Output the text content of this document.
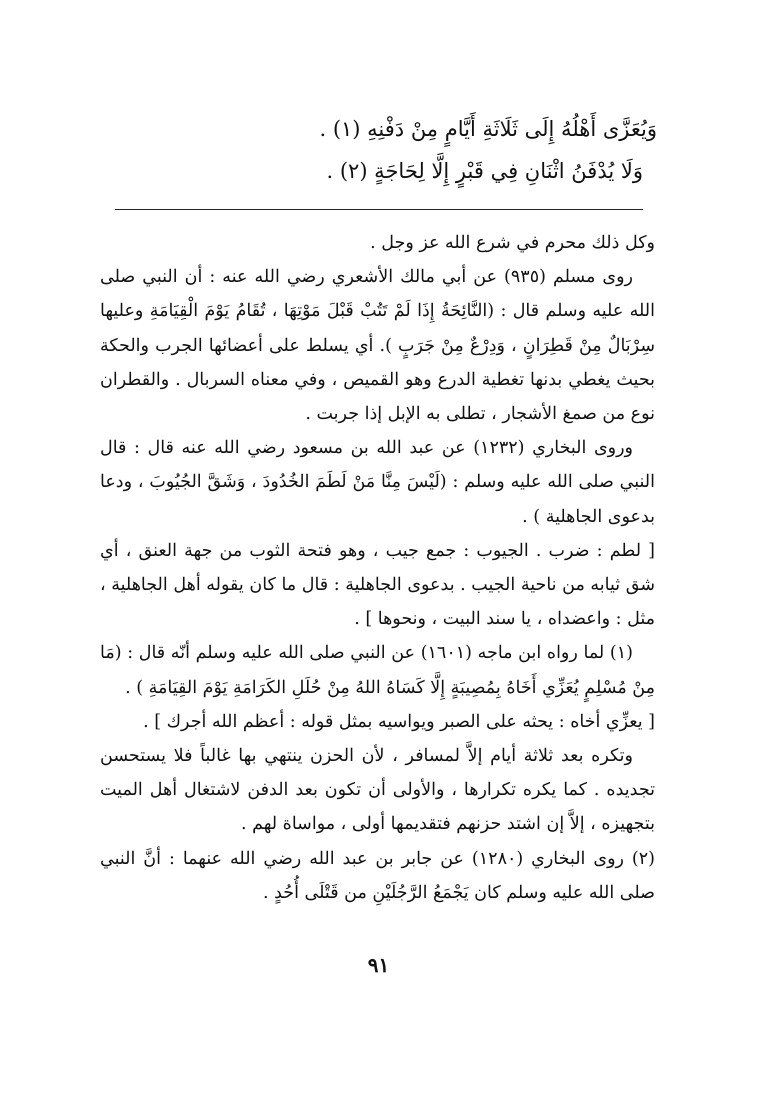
وَيُعَزَّى أَهْلُهُ إِلَى ثَلَاثَةِ أَيَّامٍ مِنْ دَفْنِهِ (١) .

وَلَا يُدْفَنُ اثْنَانِ فِي قَبْرٍ إِلَّا لِحَاجَةٍ (٢) .

وكل ذلك محرم في شرع الله عز وجل .

روى مسلم (٩٣٥) عن أبي مالك الأشعري رضي الله عنه : أن النبي صلى الله عليه وسلم قال : (النَّائِحَةُ إِذَا لَمْ تَتُبْ قَبْلَ مَوْتِهَا ، تُقَامُ يَوْمَ الْقِيَامَةِ وعليها سِرْبَالٌ مِنْ قَطِرَانٍ ، وَدِرْعٌ مِنْ جَرَبٍ ). أي يسلط على أعضائها الجرب والحكة بحيث يغطي بدنها تغطية الدرع وهو القميص ، وفي معناه السربال . والقطران نوع من صمغ الأشجار ، تطلى به الإبل إذا جربت .

وروى البخاري (١٢٣٢) عن عبد الله بن مسعود رضي الله عنه قال : قال النبي صلى الله عليه وسلم : (لَيْسَ مِنَّا مَنْ لَطَمَ الخُدُودَ ، وَشَقَّ الجُيُوبَ ، ودعا بدعوى الجاهلية ) .

[ لطم : ضرب . الجيوب : جمع جيب ، وهو فتحة الثوب من جهة العنق ، أي شق ثيابه من ناحية الجيب . بدعوى الجاهلية : قال ما كان يقوله أهل الجاهلية ، مثل : واعضداه ، يا سند البيت ، ونحوها ] .

(١) لما رواه ابن ماجه (١٦٠١) عن النبي صلى الله عليه وسلم أنّه قال : (مَا مِنْ مُسْلِمٍ يُعَزِّي أَخَاهُ بِمُصِيبَةٍ إِلَّا كَسَاهُ اللهُ مِنْ حُلَلِ الكَرَامَةِ يَوْمَ القِيَامَةِ ) .

[ يعزِّي أخاه : يحثه على الصبر ويواسيه بمثل قوله : أعظم الله أجرك ] .

وتكره بعد ثلاثة أيام إلاَّ لمسافر ، لأن الحزن ينتهي بها غالباً فلا يستحسن تجديده . كما يكره تكرارها ، والأولى أن تكون بعد الدفن لاشتغال أهل الميت بتجهيزه ، إلاَّ إن اشتد حزنهم فتقديمها أولى ، مواساة لهم .

(٢) روى البخاري (١٢٨٠) عن جابر بن عبد الله رضي الله عنهما : أنَّ النبي صلى الله عليه وسلم كان يَجْمَعُ الرَّجُلَيْنِ من قَتْلَى أُحُدٍ .

٩١
